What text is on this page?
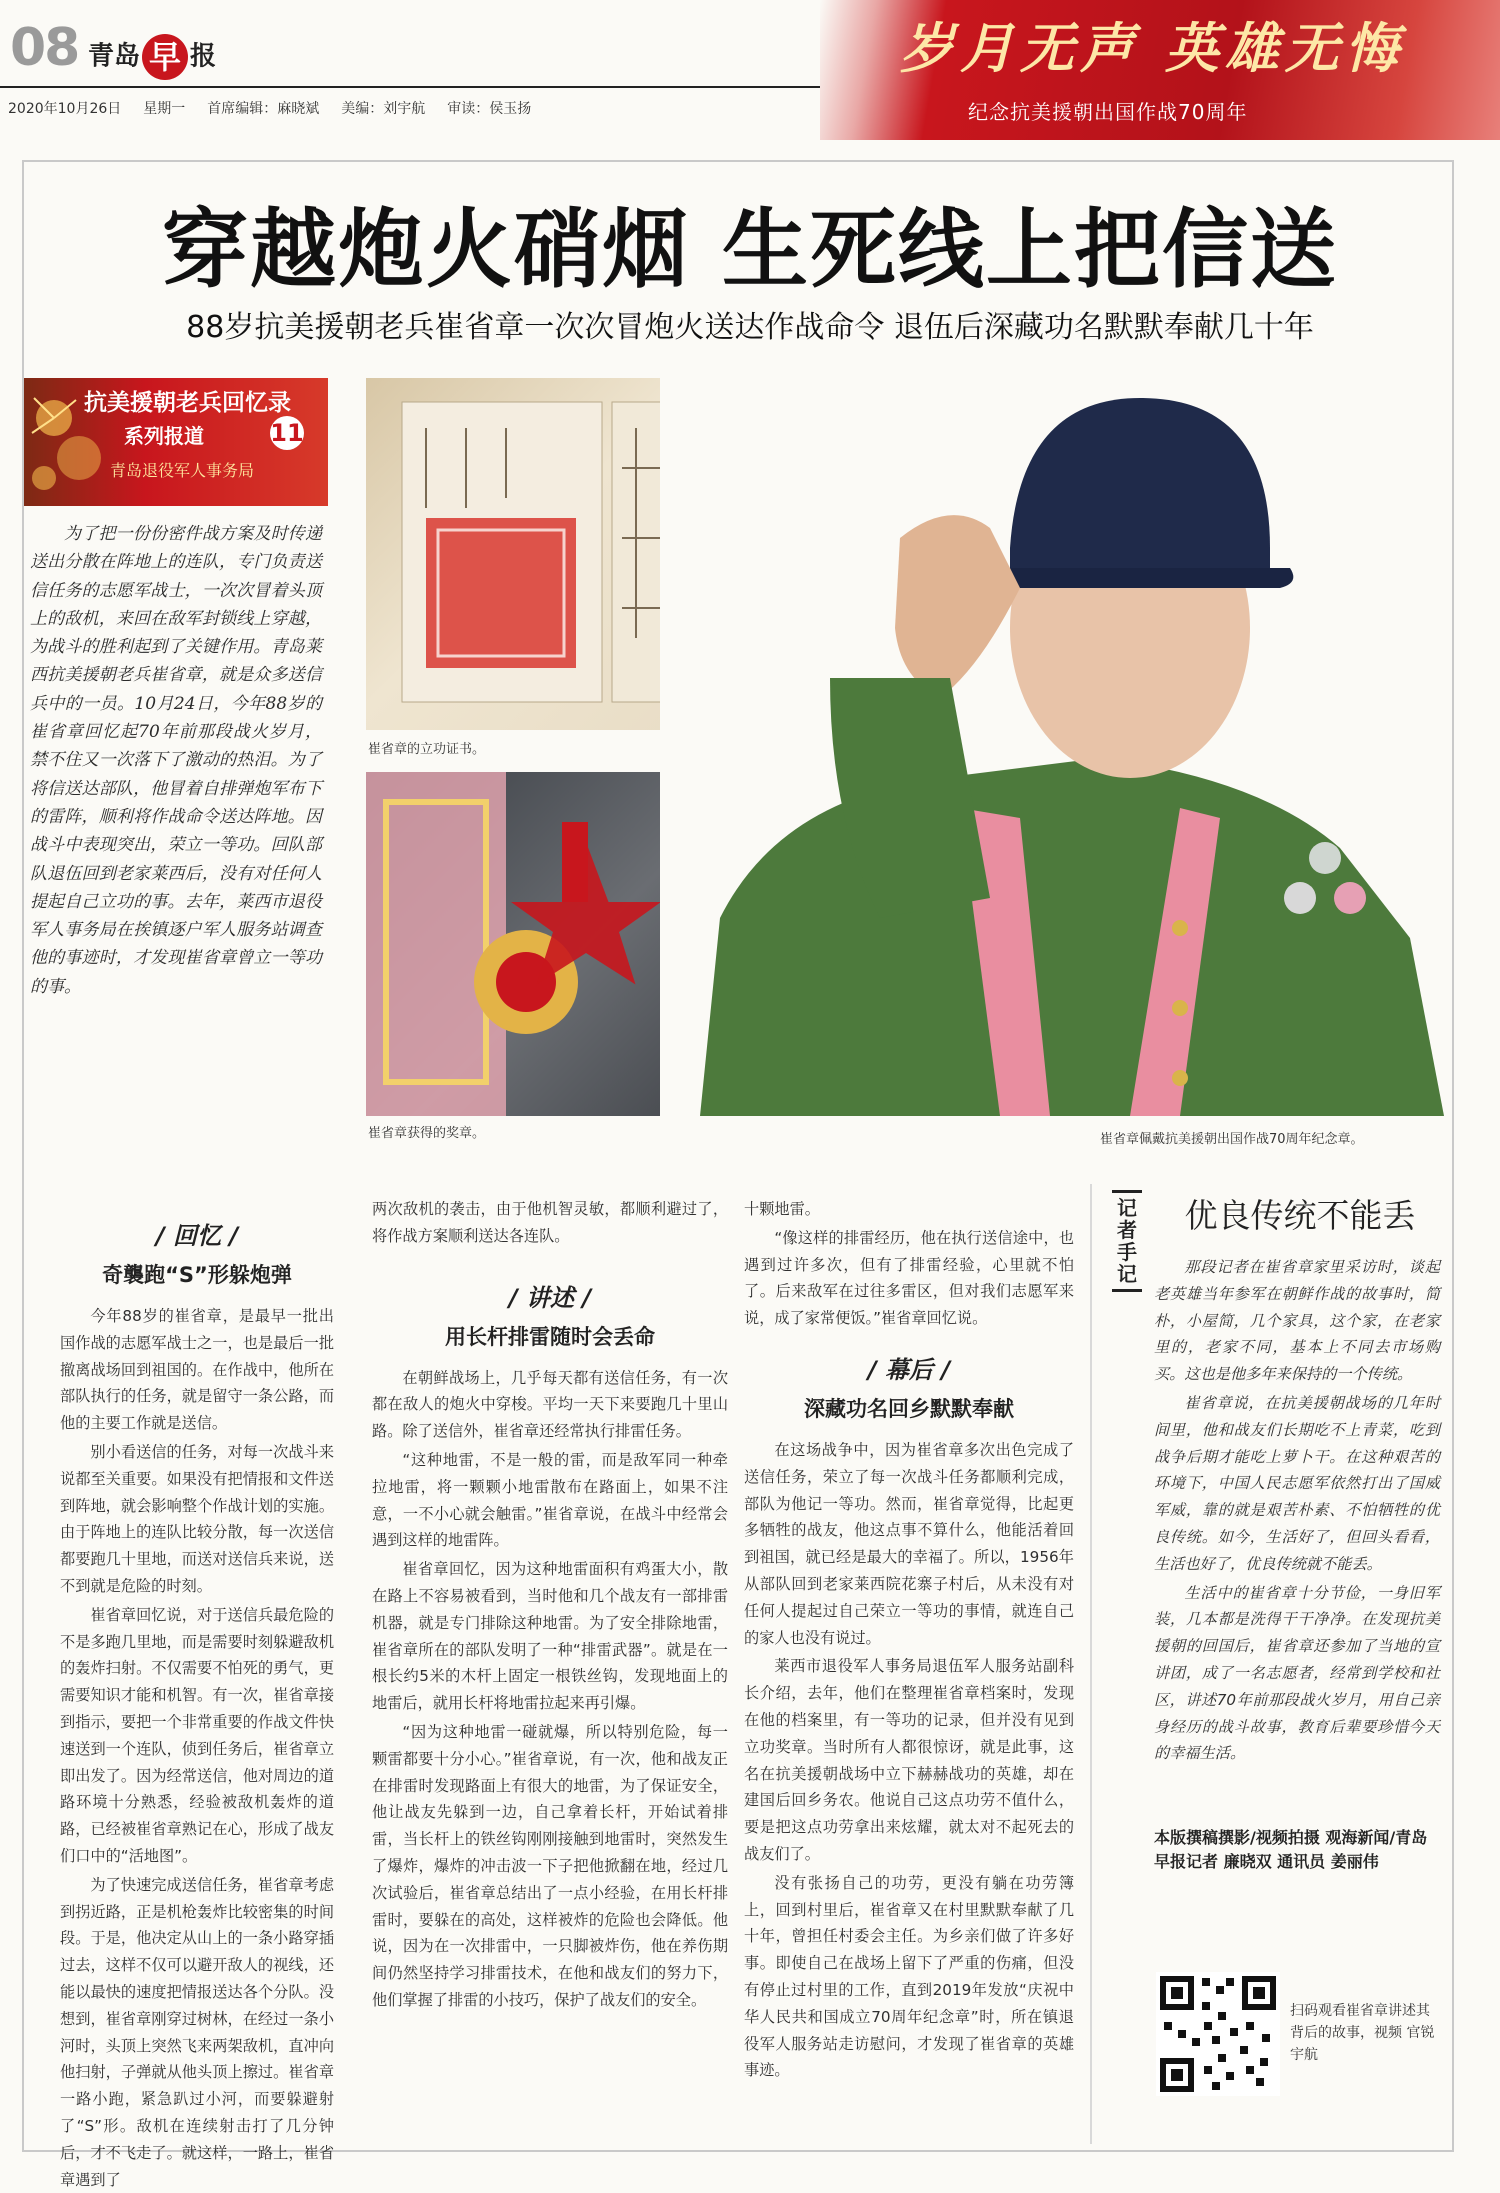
08 青岛 早 报
2020年10月26日 星期一 首席编辑：麻晓斌 美编：刘宇航 审读：侯玉扬
岁月无声 英雄无悔
纪念抗美援朝出国作战70周年
穿越炮火硝烟 生死线上把信送
88岁抗美援朝老兵崔省章一次次冒炮火送达作战命令 退伍后深藏功名默默奉献几十年
抗美援朝老兵回忆录
系列报道	11
青岛退役军人事务局

为了把一份份密件战方案及时传递送出分散在阵地上的连队，专门负责送信任务的志愿军战士，一次次冒着头顶上的敌机，来回在敌军封锁线上穿越，为战斗的胜利起到了关键作用。青岛莱西抗美援朝老兵崔省章，就是众多送信兵中的一员。10月24日，今年88岁的崔省章回忆起70年前那段战火岁月，禁不住又一次落下了激动的热泪。为了将信送达部队，他冒着自排弹炮军布下的雷阵，顺利将作战命令送达阵地。因战斗中表现突出，荣立一等功。回队部队退伍回到老家莱西后，没有对任何人提起自己立功的事。去年，莱西市退役军人事务局在挨镇逐户军人服务站调查他的事迹时，才发现崔省章曾立一等功的事。

崔省章的立功证书。
崔省章获得的奖章。	崔省章佩戴抗美援朝出国作战70周年纪念章。
/ 回忆 /
奇襲跑“S”形躲炮弹

今年88岁的崔省章，是最早一批出国作战的志愿军战士之一，也是最后一批撤离战场回到祖国的。在作战中，他所在部队执行的任务，就是留守一条公路，而他的主要工作就是送信。

别小看送信的任务，对每一次战斗来说都至关重要。如果没有把情报和文件送到阵地，就会影响整个作战计划的实施。由于阵地上的连队比较分散，每一次送信都要跑几十里地，而送对送信兵来说，送不到就是危险的时刻。

崔省章回忆说，对于送信兵最危险的不是多跑几里地，而是需要时刻躲避敌机的轰炸扫射。不仅需要不怕死的勇气，更需要知识才能和机智。有一次，崔省章接到指示，要把一个非常重要的作战文件快速送到一个连队，侦到任务后，崔省章立即出发了。因为经常送信，他对周边的道路环境十分熟悉，经验被敌机轰炸的道路，已经被崔省章熟记在心，形成了战友们口中的“活地图”。

为了快速完成送信任务，崔省章考虑到拐近路，正是机枪轰炸比较密集的时间段。于是，他决定从山上的一条小路穿插过去，这样不仅可以避开敌人的视线，还能以最快的速度把情报送达各个分队。没想到，崔省章刚穿过树林，在经过一条小河时，头顶上突然飞来两架敌机，直冲向他扫射，子弹就从他头顶上擦过。崔省章一路小跑，紧急趴过小河，而要躲避射了“S”形。敌机在连续射击打了几分钟后，才不飞走了。就这样，一路上，崔省章遇到了

两次敌机的袭击，由于他机智灵敏，都顺利避过了，将作战方案顺利送达各连队。

/ 讲述 /
用长杆排雷随时会丢命

在朝鲜战场上，几乎每天都有送信任务，有一次都在敌人的炮火中穿梭。平均一天下来要跑几十里山路。除了送信外，崔省章还经常执行排雷任务。

“这种地雷，不是一般的雷，而是敌军同一种牵拉地雷，将一颗颗小地雷散布在路面上，如果不注意，一不小心就会触雷。”崔省章说，在战斗中经常会遇到这样的地雷阵。

崔省章回忆，因为这种地雷面积有鸡蛋大小，散在路上不容易被看到，当时他和几个战友有一部排雷机器，就是专门排除这种地雷。为了安全排除地雷，崔省章所在的部队发明了一种“排雷武器”。就是在一根长约5米的木杆上固定一根铁丝钩，发现地面上的地雷后，就用长杆将地雷拉起来再引爆。

“因为这种地雷一碰就爆，所以特别危险，每一颗雷都要十分小心。”崔省章说，有一次，他和战友正在排雷时发现路面上有很大的地雷，为了保证安全，他让战友先躲到一边，自己拿着长杆，开始试着排雷，当长杆上的铁丝钩刚刚接触到地雷时，突然发生了爆炸，爆炸的冲击波一下子把他掀翻在地，经过几次试验后，崔省章总结出了一点小经验，在用长杆排雷时，要躲在的高处，这样被炸的危险也会降低。他说，因为在一次排雷中，一只脚被炸伤，他在养伤期间仍然坚持学习排雷技术，在他和战友们的努力下，他们掌握了排雷的小技巧，保护了战友们的安全。

十颗地雷。

“像这样的排雷经历，他在执行送信途中，也遇到过许多次，但有了排雷经验，心里就不怕了。后来敌军在过往多雷区，但对我们志愿军来说，成了家常便饭。”崔省章回忆说。

/ 幕后 /
深藏功名回乡默默奉献

在这场战争中，因为崔省章多次出色完成了送信任务，荣立了每一次战斗任务都顺利完成，部队为他记一等功。然而，崔省章觉得，比起更多牺牲的战友，他这点事不算什么，他能活着回到祖国，就已经是最大的幸福了。所以，1956年从部队回到老家莱西院花寨子村后，从未没有对任何人提起过自己荣立一等功的事情，就连自己的家人也没有说过。

莱西市退役军人事务局退伍军人服务站副科长介绍，去年，他们在整理崔省章档案时，发现在他的档案里，有一等功的记录，但并没有见到立功奖章。当时所有人都很惊讶，就是此事，这名在抗美援朝战场中立下赫赫战功的英雄，却在建国后回乡务农。他说自己这点功劳不值什么，要是把这点功劳拿出来炫耀，就太对不起死去的战友们了。

没有张扬自己的功劳，更没有躺在功劳簿上，回到村里后，崔省章又在村里默默奉献了几十年，曾担任村委会主任。为乡亲们做了许多好事。即使自己在战场上留下了严重的伤痛，但没有停止过村里的工作，直到2019年发放“庆祝中华人民共和国成立70周年纪念章”时，所在镇退役军人服务站走访慰问，才发现了崔省章的英雄事迹。

记者手记
优良传统不能丢

那段记者在崔省章家里采访时，谈起老英雄当年参军在朝鲜作战的故事时，简朴，小屋简，几个家具，这个家，在老家里的，老家不同，基本上不同去市场购买。这也是他多年来保持的一个传统。

崔省章说，在抗美援朝战场的几年时间里，他和战友们长期吃不上青菜，吃到战争后期才能吃上萝卜干。在这种艰苦的环境下，中国人民志愿军依然打出了国威军威，靠的就是艰苦朴素、不怕牺牲的优良传统。如今，生活好了，但回头看看，生活也好了，优良传统就不能丢。

生活中的崔省章十分节俭，一身旧军装，几本都是洗得干干净净。在发现抗美援朝的回国后，崔省章还参加了当地的宣讲团，成了一名志愿者，经常到学校和社区，讲述70年前那段战火岁月，用自己亲身经历的战斗故事，教育后辈要珍惜今天的幸福生活。

本版撰稿撰影/视频拍摄 观海新闻/青岛早报记者 廉晓双 通讯员 姜丽伟
扫码观看崔省章讲述其背后的故事，视频 官锐 宇航
